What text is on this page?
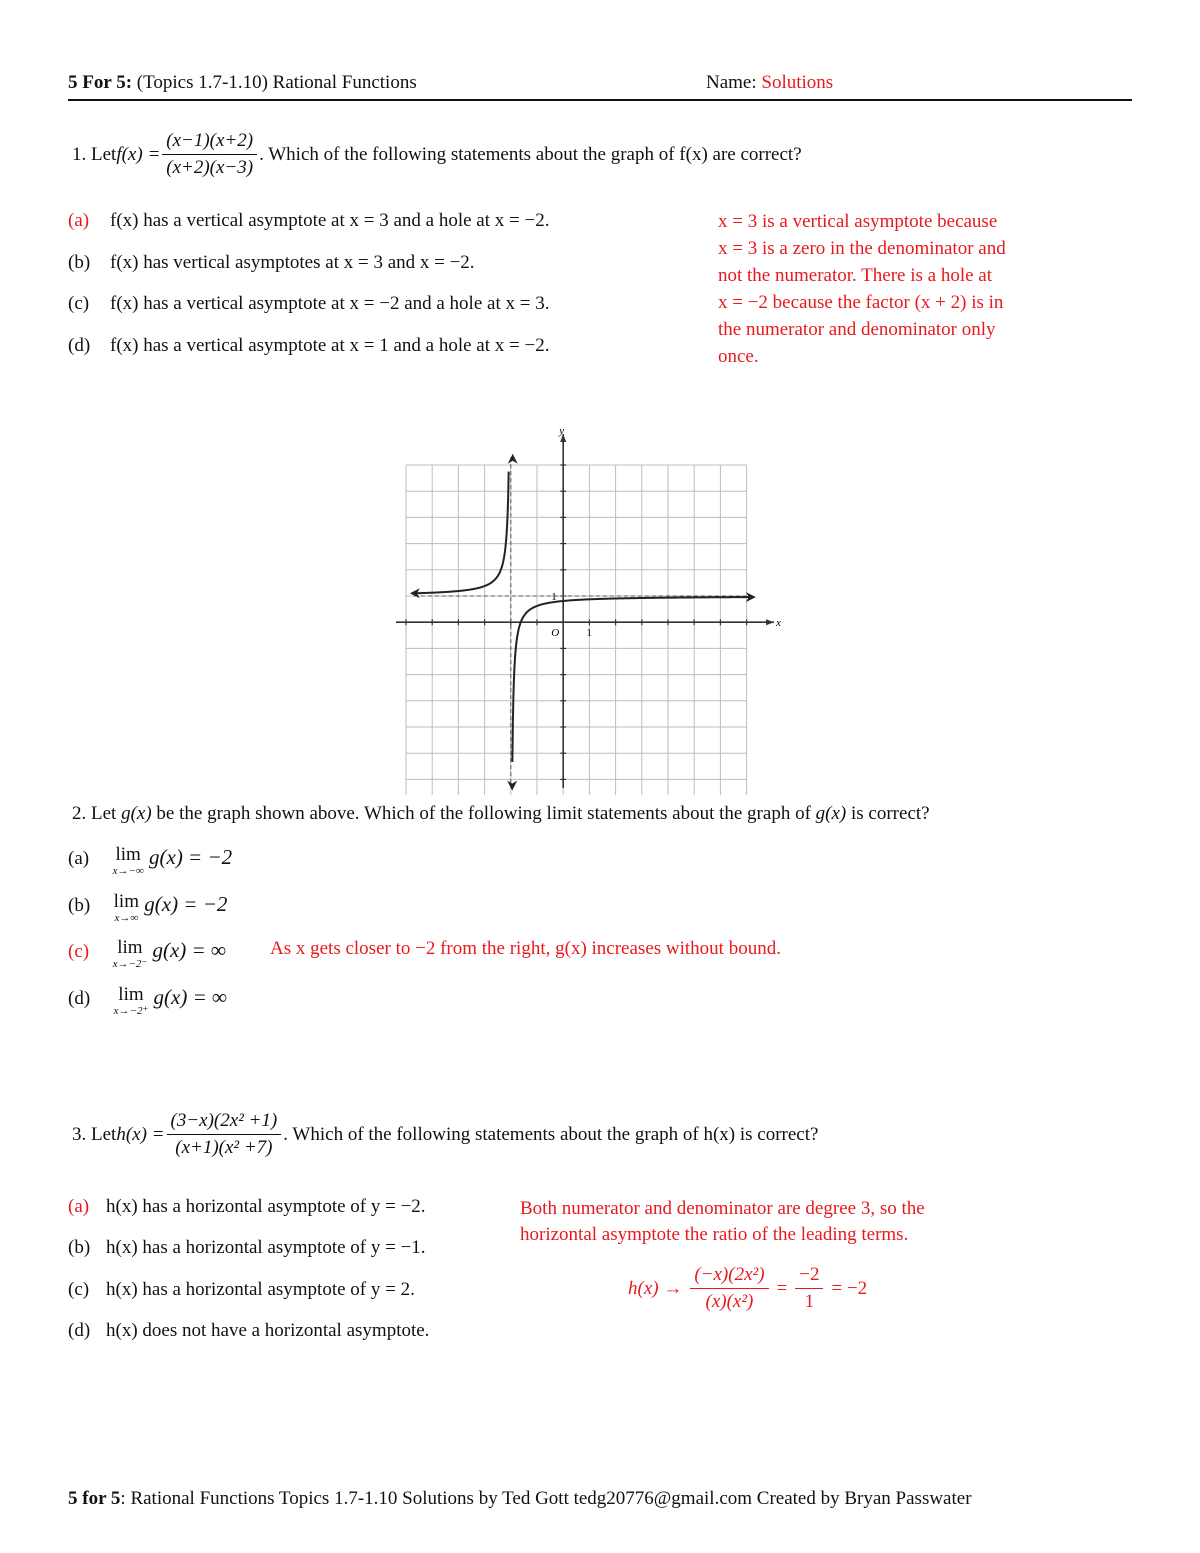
5 For 5: (Topics 1.7-1.10) Rational Functions	Name: Solutions
1. Let $f(x) = \frac{(x-1)(x+2)}{(x+2)(x-3)}$ . Which of the following statements about the graph of f(x) are correct?
(a) f(x) has a vertical asymptote at x = 3 and a hole at x = −2.
(b) f(x) has vertical asymptotes at x = 3 and x = −2.
(c) f(x) has a vertical asymptote at x = −2 and a hole at x = 3.
(d) f(x) has a vertical asymptote at x = 1 and a hole at x = −2.
x = 3 is a vertical asymptote because
x = 3 is a zero in the denominator and
not the numerator. There is a hole at
x = −2 because the factor (x + 2) is in
the numerator and denominator only
once.
x
y
1
1
O
2. Let g(x) be the graph shown above. Which of the following limit statements about the graph of g(x) is correct?
(a) lim
x→−∞
g(x) = −2
(b) lim
x→∞
g(x) = −2
(c) lim
x→−2⁻
g(x) = ∞ As x gets closer to −2 from the right, g(x) increases without bound.
(d) lim
x→−2⁺
g(x) = ∞
3. Let $h(x) = \frac{\text{(3−x)(2x² +1)}}{\text{(x+1)(x² +7)}}$ . Which of the following statements about the graph of h(x) is correct?
(a) h(x) has a horizontal asymptote of y = −2.
(b) h(x) has a horizontal asymptote of y = −1.
(c) h(x) has a horizontal asymptote of y = 2.
(d) h(x) does not have a horizontal asymptote.
Both numerator and denominator are degree 3, so the
horizontal asymptote the ratio of the leading terms.
$h(x) \to \frac{\text{(−x)(2x²)}}{\text{(x)(x²)}} = \frac{-2}{1} = -2$
5 for 5: Rational Functions Topics 1.7-1.10 Solutions by Ted Gott tedg20776@gmail.com Created by Bryan Passwater
